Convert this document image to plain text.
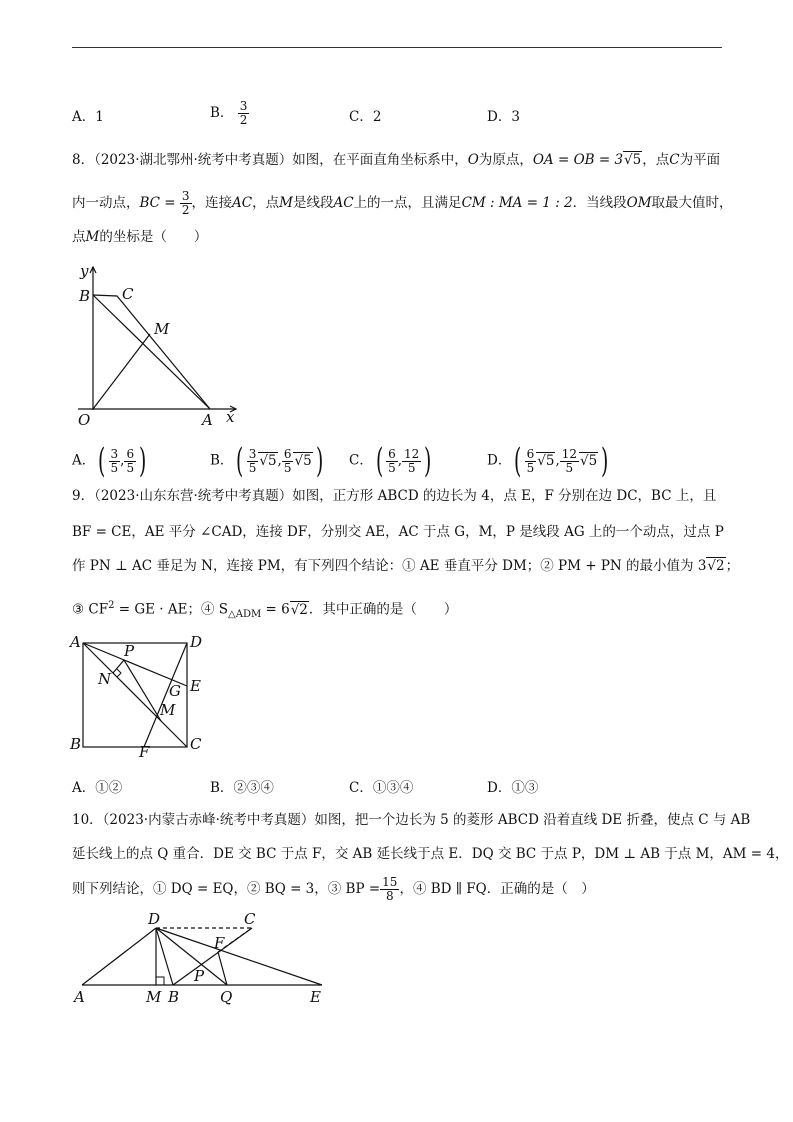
A．1	B． $\frac{3}{2}$	C．2	D．3
8．（2023·湖北鄂州·统考中考真题）如图，在平面直角坐标系中，O为原点，OA = OB = 3√5，点C为平面
内一动点，BC = $\frac{3}{2}$ ，连接AC，点M是线段AC上的一点，且满足CM : MA = 1 : 2．当线段OM取最大值时，
点M的坐标是（　　）
y
B C
M
O	A x
A．( $\frac{3}{5}$ , $\frac{6}{5}$ )	B．( $\frac{3}{5} √5$, $\frac{6}{5} √5$ ) C．( $\frac{6}{5}$ , $\frac{12}{5}$ )	D．( $\frac{6}{5} √5$, $\frac{12}{5} √5$ )
9．（2023·山东东营·统考中考真题）如图，正方形 ABCD 的边长为 4，点 E，F 分别在边 DC，BC 上，且
BF = CE，AE 平分 ∠CAD，连接 DF，分别交 AE，AC 于点 G，M，P 是线段 AG 上的一个动点，过点 P
作 PN ⊥ AC 垂足为 N，连接 PM，有下列四个结论：① AE 垂直平分 DM；② PM + PN 的最小值为 3√2；
③ $CF^2$ = GE · AE；④ $S_{\triangle ADM} = 6√2$．其中正确的是（　　）
A	D
P
N
G E
M
B	F	C
A．①②	B．②③④	C．①③④	D．①③
10．（2023·内蒙古赤峰·统考中考真题）如图，把一个边长为 5 的菱形 ABCD 沿着直线 DE 折叠，使点 C 与 AB
延长线上的点 Q 重合．DE 交 BC 于点 F，交 AB 延长线于点 E．DQ 交 BC 于点 P，DM ⊥ AB 于点 M，AM = 4，
则下列结论，① DQ = EQ，② BQ = 3，③ BP = $\frac{15}{8}$ ，④ BD ∥ FQ．正确的是（　）
D	C
F
P
A	M B	Q	E
